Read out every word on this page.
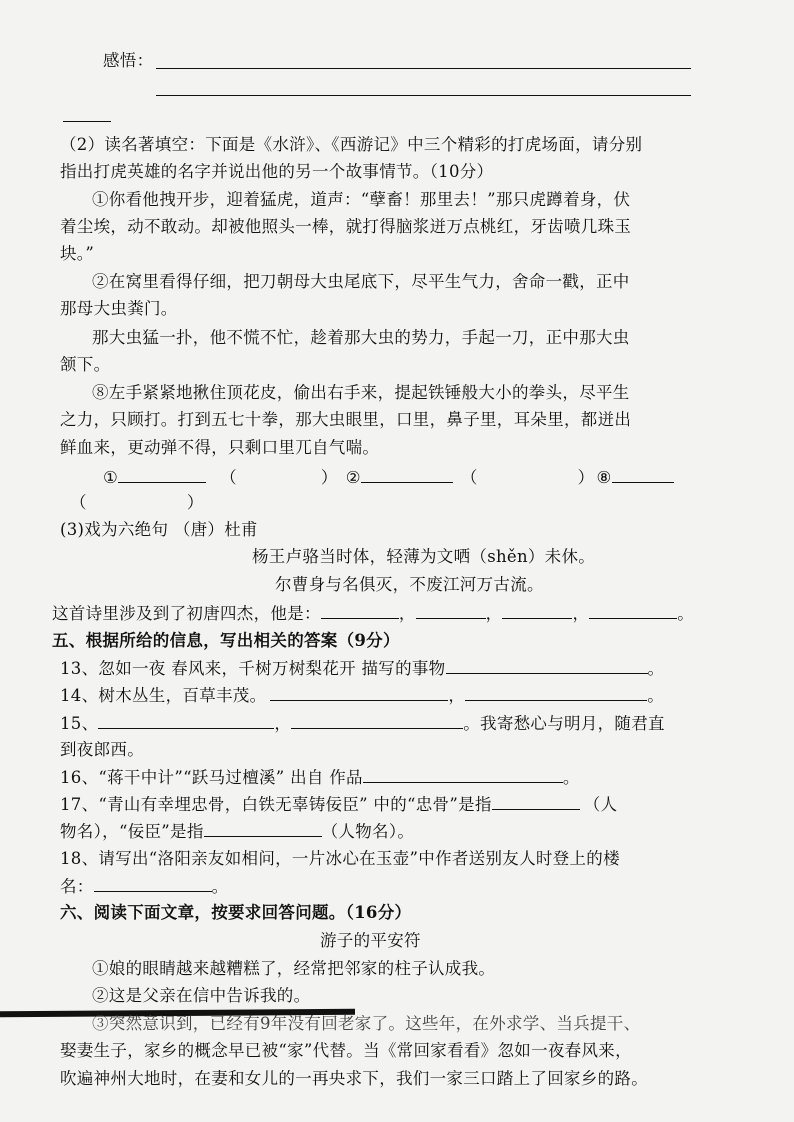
感悟：
（2）读名著填空：下面是《水浒》、《西游记》中三个精彩的打虎场面，请分别
指出打虎英雄的名字并说出他的另一个故事情节。（10分）
①你看他拽开步，迎着猛虎，道声：“孽畜！那里去！”那只虎蹲着身，伏
着尘埃，动不敢动。却被他照头一棒，就打得脑浆迸万点桃红，牙齿喷几珠玉
块。”
②在窝里看得仔细，把刀朝母大虫尾底下，尽平生气力，舍命一戳，正中
那母大虫粪门。
那大虫猛一扑，他不慌不忙，趁着那大虫的势力，手起一刀，正中那大虫
颔下。
⑧左手紧紧地揪住顶花皮，偷出右手来，提起铁锤般大小的拳头，尽平生
之力，只顾打。打到五七十拳，那大虫眼里，口里，鼻子里，耳朵里，都迸出
鲜血来，更动弹不得，只剩口里兀自气喘。
①	（	） ②	（	） ⑧
（	）
(3)戏为六绝句 （唐）杜甫
杨王卢骆当时体，轻薄为文哂（shěn）未休。
尔曹身与名俱灭，不废江河万古流。
这首诗里涉及到了初唐四杰，他是：	，	，	，	。
五、根据所给的信息，写出相关的答案（9分）
13、忽如一夜 春风来，千树万树梨花开 描写的事物	。
14、树木丛生，百草丰茂。	，	。
15、	，	。我寄愁心与明月，随君直
到夜郎西。
16、“蒋干中计”“跃马过檀溪” 出自 作品	。
17、“青山有幸埋忠骨，白铁无辜铸佞臣” 中的“忠骨”是指	（人
物名），“佞臣”是指	（人物名）。
18、请写出“洛阳亲友如相问，一片冰心在玉壶”中作者送别友人时登上的楼
名：	。
六、阅读下面文章，按要求回答问题。（16分）
游子的平安符
①娘的眼睛越来越糟糕了，经常把邻家的柱子认成我。
②这是父亲在信中告诉我的。
③突然意识到，已经有9年没有回老家了。这些年，在外求学、当兵提干、
娶妻生子，家乡的概念早已被“家”代替。当《常回家看看》忽如一夜春风来，
吹遍神州大地时，在妻和女儿的一再央求下，我们一家三口踏上了回家乡的路。
